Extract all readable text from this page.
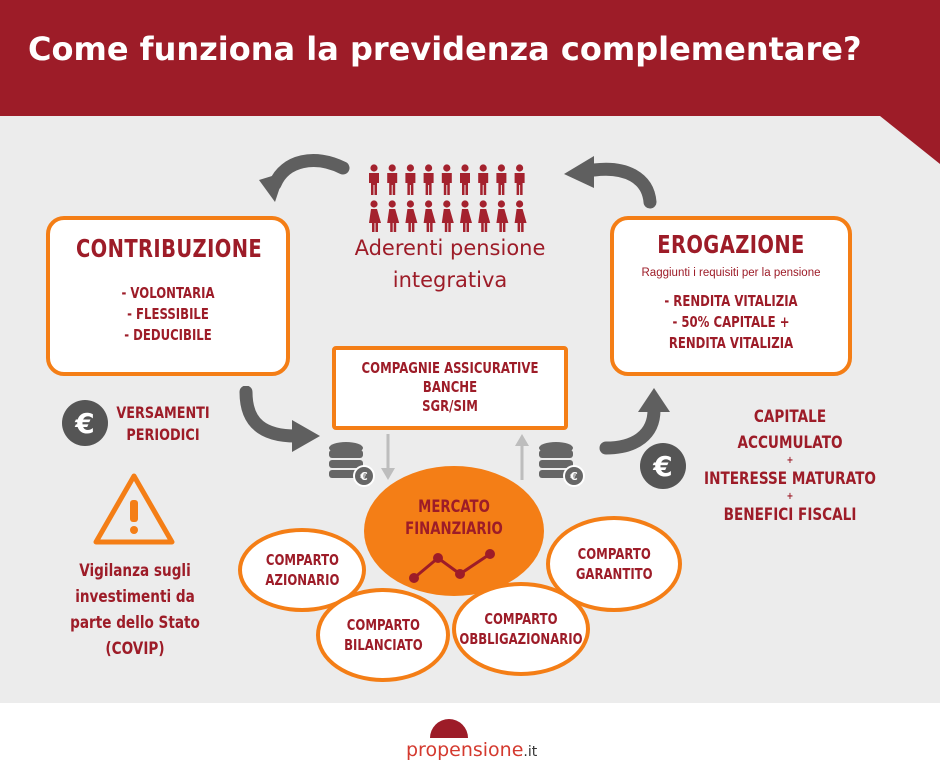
Come funziona la previdenza complementare?
Aderenti pensione
integrativa
CONTRIBUZIONE
- VOLONTARIA
- FLESSIBILE
- DEDUCIBILE
EROGAZIONE
Raggiunti i requisiti per la pensione
- RENDITA VITALIZIA
- 50% CAPITALE +
RENDITA VITALIZIA
COMPAGNIE ASSICURATIVE
BANCHE
SGR/SIM
€	€
€	VERSAMENTI
PERIODICI
€
CAPITALE ACCUMULATO
+
INTERESSE MATURATO
+
BENEFICI FISCALI
Vigilanza sugli
investimenti da
parte dello Stato
(COVIP)
COMPARTO
AZIONARIO
COMPARTO
BILANCIATO
COMPARTO
OBBLIGAZIONARIO
COMPARTO
GARANTITO
MERCATO
FINANZIARIO
propensione.it
